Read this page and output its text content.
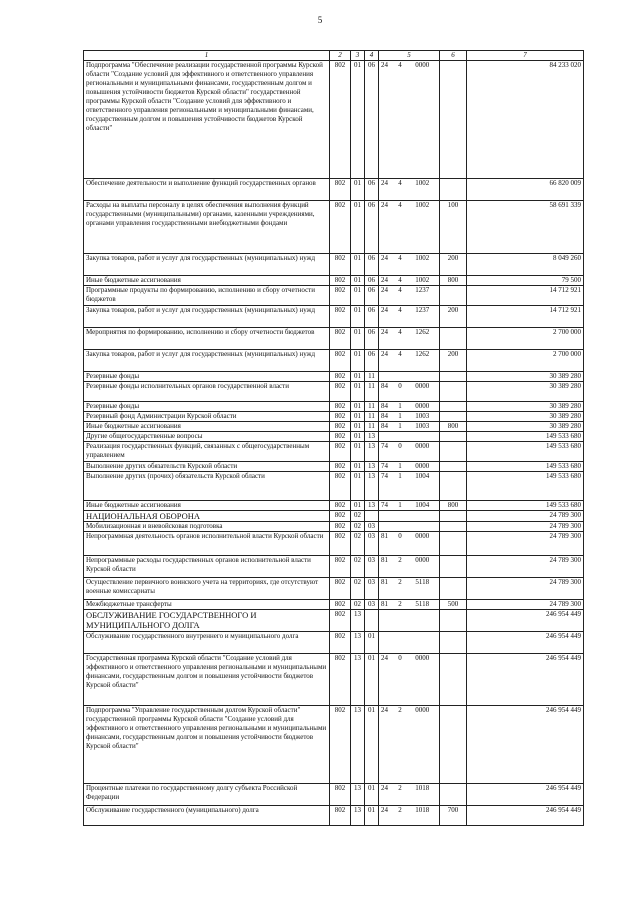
5
1	2	3	4	5			6	7
Подпрограмма "Обеспечение реализации государственной программы Курской области "Создание условий для эффективного и ответственного управления региональными и муниципальными финансами, государственным долгом и повышения устойчивости бюджетов Курской области" государственной программы Курской области "Создание условий для эффективного и ответственного управления региональными и муниципальными финансами, государственным долгом и повышения устойчивости бюджетов Курской области"	802	01	06	24	4	0000		84 233 020
Обеспечение деятельности и выполнение функций государственных органов	802	01	06	24	4	1002		66 820 009
Расходы на выплаты персоналу в целях обеспечения выполнения функций государственными (муниципальными) органами, казенными учреждениями, органами управления государственными внебюджетными фондами	802	01	06	24	4	1002	100	58 691 339
Закупка товаров, работ и услуг для государственных (муниципальных) нужд	802	01	06	24	4	1002	200	8 049 260
Иные бюджетные ассигнования	802	01	06	24	4	1002	800	79 500
Программные продукты по формированию, исполнению и сбору отчетности бюджетов	802	01	06	24	4	1237		14 712 921
Закупка товаров, работ и услуг для государственных (муниципальных) нужд	802	01	06	24	4	1237	200	14 712 921
Мероприятия по формированию, исполнению и сбору отчетности бюджетов	802	01	06	24	4	1262		2 700 000
Закупка товаров, работ и услуг для государственных (муниципальных) нужд	802	01	06	24	4	1262	200	2 700 000
Резервные фонды	802	01	11					30 389 280
Резервные фонды исполнительных органов государственной власти	802	01	11	84	0	0000		30 389 280
Резервные фонды	802	01	11	84	1	0000		30 389 280
Резервный фонд Администрации Курской области	802	01	11	84	1	1003		30 389 280
Иные бюджетные ассигнования	802	01	11	84	1	1003	800	30 389 280
Другие общегосударственные вопросы	802	01	13					149 533 680
Реализация государственных функций, связанных с общегосударственным управлением	802	01	13	74	0	0000		149 533 680
Выполнение других обязательств Курской области	802	01	13	74	1	0000		149 533 680
Выполнение других (прочих) обязательств Курской области	802	01	13	74	1	1004		149 533 680
Иные бюджетные ассигнования	802	01	13	74	1	1004	800	149 533 680
НАЦИОНАЛЬНАЯ ОБОРОНА	802	02						24 789 300
Мобилизационная и вневойсковая подготовка	802	02	03					24 789 300
Непрограммная деятельность органов исполнительной власти Курской области	802	02	03	81	0	0000		24 789 300
Непрограммные расходы государственных органов исполнительной власти Курской области	802	02	03	81	2	0000		24 789 300
Осуществление первичного воинского учета на территориях, где отсутствуют военные комиссариаты	802	02	03	81	2	5118		24 789 300
Межбюджетные трансферты	802	02	03	81	2	5118	500	24 789 300
ОБСЛУЖИВАНИЕ ГОСУДАРСТВЕННОГО И МУНИЦИПАЛЬНОГО ДОЛГА	802	13						246 954 449
Обслуживание государственного внутреннего и муниципального долга	802	13	01					246 954 449
Государственная программа Курской области "Создание условий для эффективного и ответственного управления региональными и муниципальными финансами, государственным долгом и повышения устойчивости бюджетов Курской области"	802	13	01	24	0	0000		246 954 449
Подпрограмма "Управление государственным долгом Курской области" государственной программы Курской области "Создание условий для эффективного и ответственного управления региональными и муниципальными финансами, государственным долгом и повышения устойчивости бюджетов Курской области"	802	13	01	24	2	0000		246 954 449
Процентные платежи по государственному долгу субъекта Российской Федерации	802	13	01	24	2	1018		246 954 449
Обслуживание государственного (муниципального) долга	802	13	01	24	2	1018	700	246 954 449
